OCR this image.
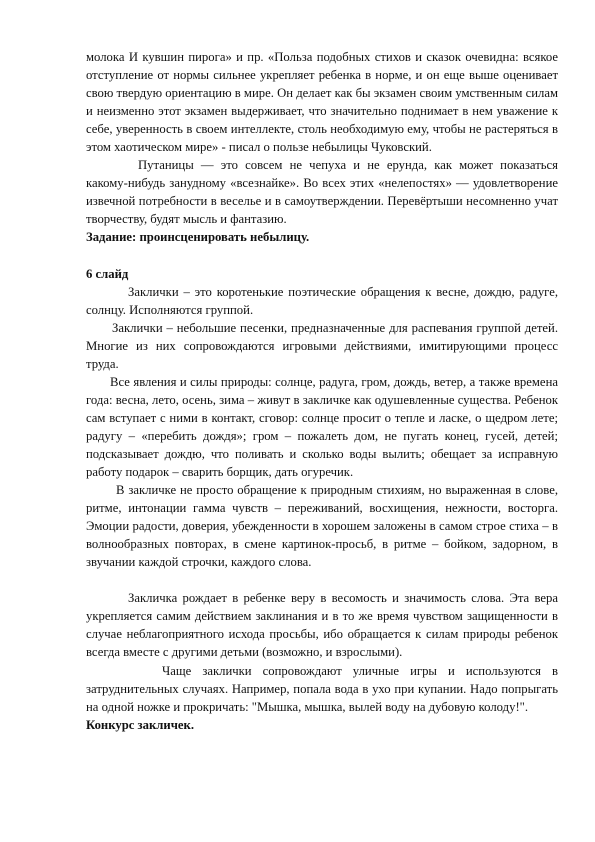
молока И кувшин пирога» и пр. «Польза подобных стихов и сказок очевидна: всякое отступление от нормы сильнее укрепляет ребенка в норме, и он еще выше оценивает свою твердую ориентацию в мире. Он делает как бы экзамен своим умственным силам и неизменно этот экзамен выдерживает, что значительно поднимает в нем уважение к себе, уверенность в своем интеллекте, столь необходимую ему, чтобы не растеряться в этом хаотическом мире» - писал о пользе небылицы Чуковский.

Путаницы — это совсем не чепуха и не ерунда, как может показаться какому-нибудь занудному «всезнайке». Во всех этих «нелепостях» — удовлетворение извечной потребности в веселье и в самоутверждении. Перевёртыши несомненно учат творчеству, будят мысль и фантазию.

Задание: проинсценировать небылицу.

6 слайд

Заклички – это коротенькие поэтические обращения к весне, дождю, радуге, солнцу. Исполняются группой.

Заклички – небольшие песенки, предназначенные для распевания группой детей. Многие из них сопровождаются игровыми действиями, имитирующими процесс труда.

Все явления и силы природы: солнце, радуга, гром, дождь, ветер, а также времена года: весна, лето, осень, зима – живут в закличке как одушевленные существа. Ребенок сам вступает с ними в контакт, сговор: солнце просит о тепле и ласке, о щедром лете; радугу – «перебить дождя»; гром – пожалеть дом, не пугать конец, гусей, детей; подсказывает дождю, что поливать и сколько воды вылить; обещает за исправную работу подарок – сварить борщик, дать огуречик.

В закличке не просто обращение к природным стихиям, но выраженная в слове, ритме, интонации гамма чувств – переживаний, восхищения, нежности, восторга. Эмоции радости, доверия, убежденности в хорошем заложены в самом строе стиха – в волнообразных повторах, в смене картинок-просьб, в ритме – бойком, задорном, в звучании каждой строчки, каждого слова.

Закличка рождает в ребенке веру в весомость и значимость слова. Эта вера укрепляется самим действием заклинания и в то же время чувством защищенности в случае неблагоприятного исхода просьбы, ибо обращается к силам природы ребенок всегда вместе с другими детьми (возможно, и взрослыми).

Чаще заклички сопровождают уличные игры и используются в затруднительных случаях. Например, попала вода в ухо при купании. Надо попрыгать на одной ножке и прокричать: "Мышка, мышка, вылей воду на дубовую колоду!".

Конкурс закличек.
